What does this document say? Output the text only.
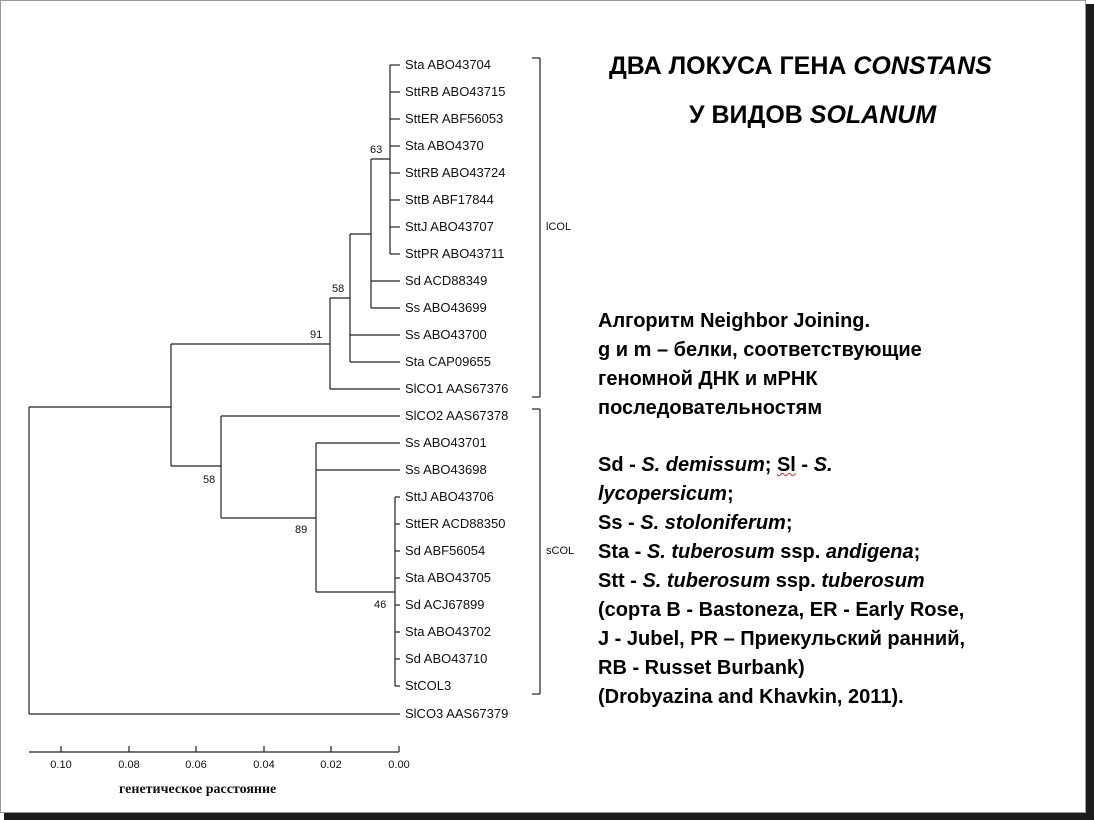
ДВА ЛОКУСА ГЕНА CONSTANS
У ВИДОВ SOLANUM
Sta ABO43704
SttRB ABO43715
SttER ABF56053
Sta ABO4370
SttRB ABO43724
SttB ABF17844
SttJ ABO43707
SttPR ABO43711
Sd ACD88349
Ss ABO43699
Ss ABO43700
Sta CAP09655
SlCO1 AAS67376
SlCO2 AAS67378
Ss ABO43701
Ss ABO43698
SttJ ABO43706
SttER ACD88350
Sd ABF56054
Sta ABO43705
Sd ACJ67899
Sta ABO43702
Sd ABO43710
StCOL3
SlCO3 AAS67379
63
58
91
58
89
46
lCOL
sCOL
0.10	0.08	0.06	0.04	0.02	0.00
генетическое расстояние
Алгоритм Neighbor Joining.
g и m – белки, соответствующие
геномной ДНК и мРНК
последовательностям
Sd - S. demissum; Sl - S.
lycopersicum;
Ss - S. stoloniferum;
Sta - S. tuberosum ssp. andigena;
Stt - S. tuberosum ssp. tuberosum
(сорта B - Bastoneza, ER - Early Rose,
J - Jubel, PR – Приекульский ранний,
RB - Russet Burbank)
(Drobyazina and Khavkin, 2011).
